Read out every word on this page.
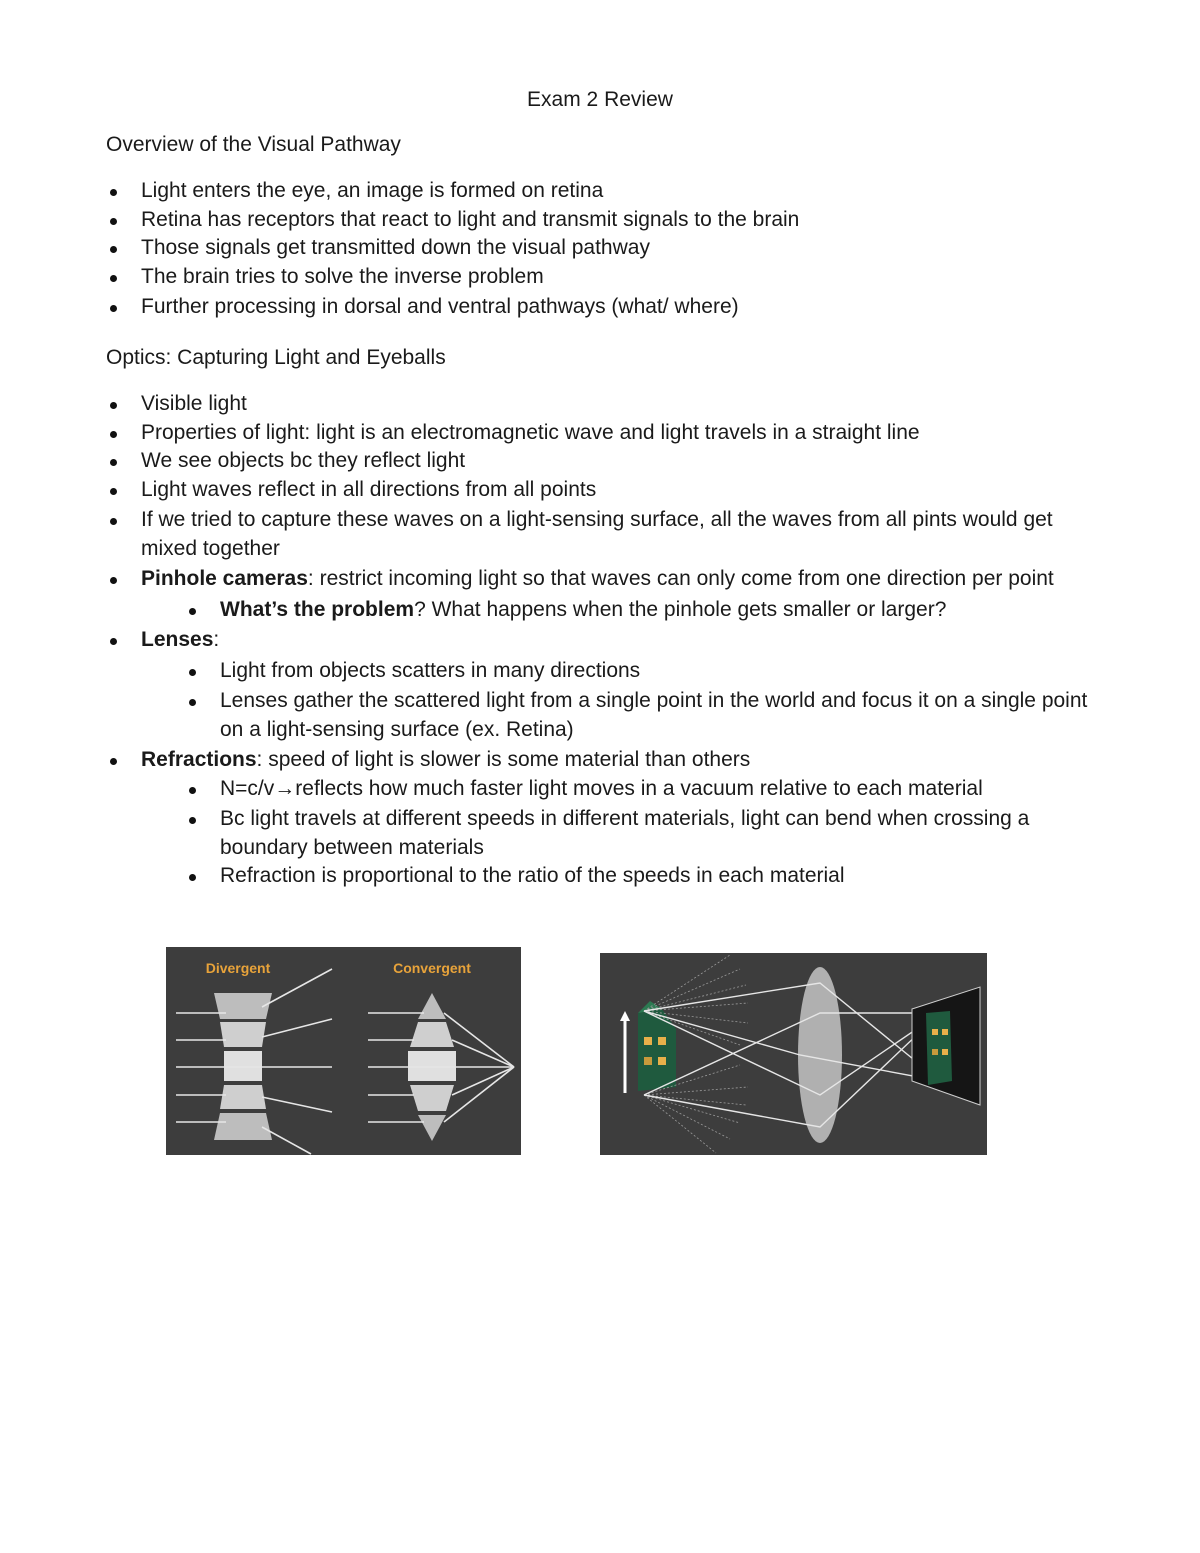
Exam 2 Review
Overview of the Visual Pathway
Light enters the eye, an image is formed on retina
Retina has receptors that react to light and transmit signals to the brain
Those signals get transmitted down the visual pathway
The brain tries to solve the inverse problem
Further processing in dorsal and ventral pathways (what/ where)
Optics: Capturing Light and Eyeballs
Visible light
Properties of light: light is an electromagnetic wave and light travels in a straight line
We see objects bc they reflect light
Light waves reflect in all directions from all points
If we tried to capture these waves on a light-sensing surface, all the waves from all pints would get mixed together
Pinhole cameras: restrict incoming light so that waves can only come from one direction per point
What’s the problem? What happens when the pinhole gets smaller or larger?
Lenses:
Light from objects scatters in many directions
Lenses gather the scattered light from a single point in the world and focus it on a single point on a light-sensing surface (ex. Retina)
Refractions: speed of light is slower is some material than others
N=c/v→reflects how much faster light moves in a vacuum relative to each material
Bc light travels at different speeds in different materials, light can bend when crossing a boundary between materials
Refraction is proportional to the ratio of the speeds in each material
Divergent	Convergent
